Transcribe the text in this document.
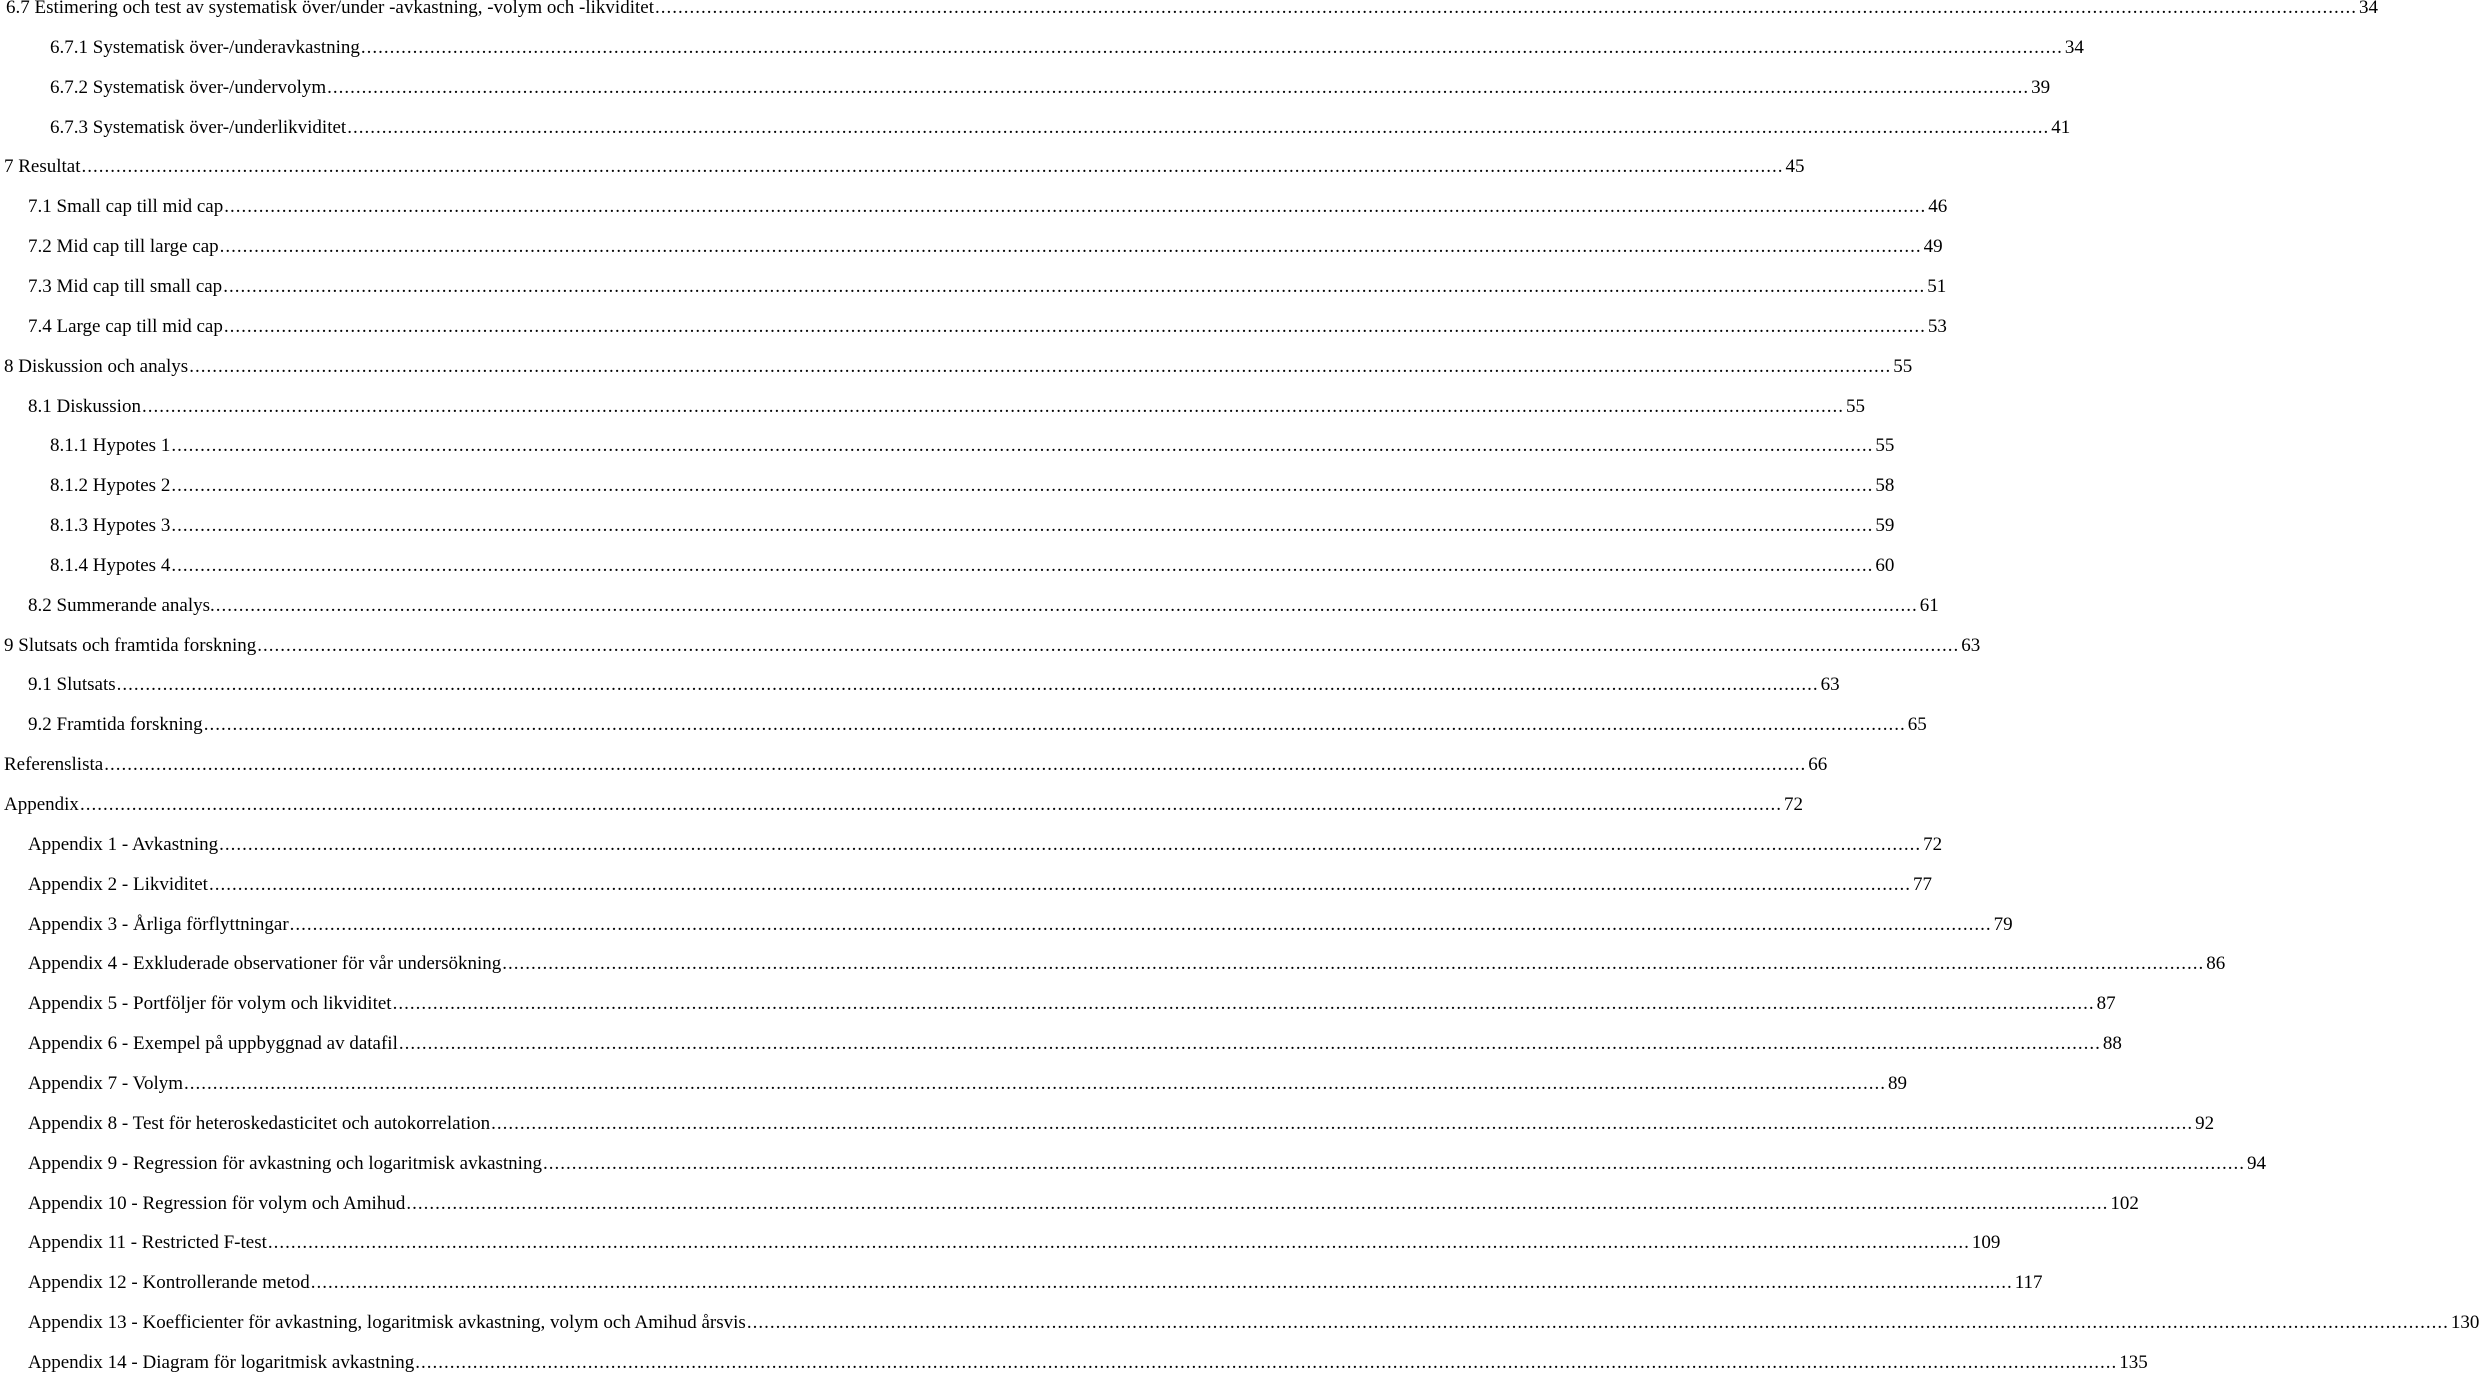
6.7 Estimering och test av systematisk över/under -avkastning, -volym och -likviditet .....	34
6.7.1 Systematisk över-/underavkastning .....	34
6.7.2 Systematisk över-/undervolym .....	39
6.7.3 Systematisk över-/underlikviditet .....	41
7 Resultat .....	45
7.1 Small cap till mid cap .....	46
7.2 Mid cap till large cap .....	49
7.3 Mid cap till small cap .....	51
7.4 Large cap till mid cap .....	53
8 Diskussion och analys .....	55
8.1 Diskussion .....	55
8.1.1 Hypotes 1 .....	55
8.1.2 Hypotes 2 .....	58
8.1.3 Hypotes 3 .....	59
8.1.4 Hypotes 4 .....	60
8.2 Summerande analys. .....	61
9 Slutsats och framtida forskning .....	63
9.1 Slutsats .....	63
9.2 Framtida forskning .....	65
Referenslista .....	66
Appendix .....	72
Appendix 1 - Avkastning .....	72
Appendix 2 - Likviditet .....	77
Appendix 3 - Årliga förflyttningar .....	79
Appendix 4 - Exkluderade observationer för vår undersökning .....	86
Appendix 5 - Portföljer för volym och likviditet .....	87
Appendix 6 - Exempel på uppbyggnad av datafil .....	88
Appendix 7 - Volym .....	89
Appendix 8 - Test för heteroskedasticitet och autokorrelation .....	92
Appendix 9 - Regression för avkastning och logaritmisk avkastning .....	94
Appendix 10 - Regression för volym och Amihud .....	102
Appendix 11 - Restricted F-test .....	109
Appendix 12 - Kontrollerande metod .....	117
Appendix 13 - Koefficienter för avkastning, logaritmisk avkastning, volym och Amihud årsvis .....	130
Appendix 14 - Diagram för logaritmisk avkastning .....	135
